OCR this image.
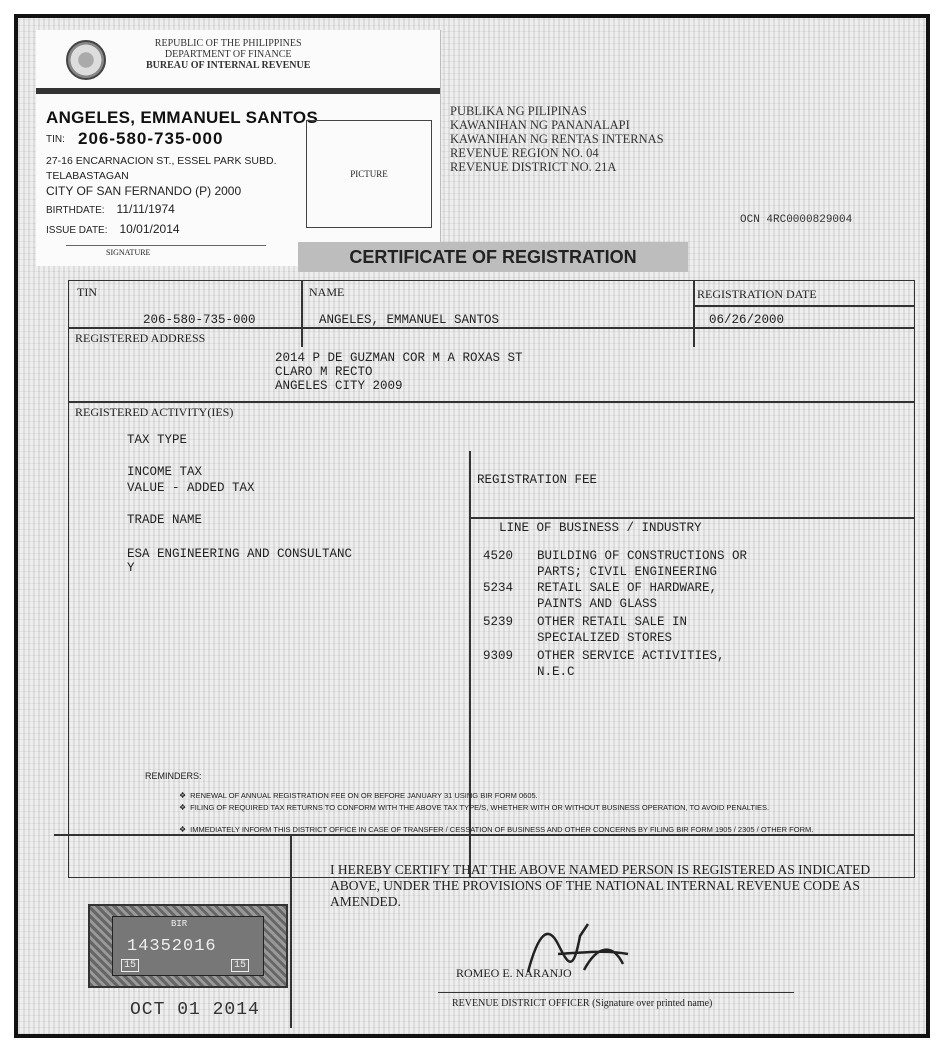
REPUBLIC OF THE PHILIPPINES
DEPARTMENT OF FINANCE
BUREAU OF INTERNAL REVENUE
ANGELES, EMMANUEL SANTOS
TIN: 206-580-735-000
27-16 ENCARNACION ST., ESSEL PARK SUBD.
TELABASTAGAN
CITY OF SAN FERNANDO (P) 2000
BIRTHDATE: 11/11/1974
ISSUE DATE: 10/01/2014
PICTURE
SIGNATURE
PUBLIKA NG PILIPINAS
KAWANIHAN NG PANANALAPI
KAWANIHAN NG RENTAS INTERNAS
REVENUE REGION NO. 04
REVENUE DISTRICT NO. 21A
OCN 4RC0000829004
CERTIFICATE OF REGISTRATION
TIN
206-580-735-000
NAME
ANGELES, EMMANUEL SANTOS
REGISTRATION DATE
06/26/2000
REGISTERED ADDRESS
2014 P DE GUZMAN COR M A ROXAS ST
CLARO M RECTO
ANGELES CITY 2009
REGISTERED ACTIVITY(IES)
TAX TYPE
INCOME TAX
VALUE - ADDED TAX
REGISTRATION FEE
TRADE NAME
ESA ENGINEERING AND CONSULTANC
Y
LINE OF BUSINESS / INDUSTRY
4520 BUILDING OF CONSTRUCTIONS OR
PARTS; CIVIL ENGINEERING
5234 RETAIL SALE OF HARDWARE,
PAINTS AND GLASS
5239 OTHER RETAIL SALE IN
SPECIALIZED STORES
9309 OTHER SERVICE ACTIVITIES,
N.E.C
REMINDERS:
❖ RENEWAL OF ANNUAL REGISTRATION FEE ON OR BEFORE JANUARY 31 USING BIR FORM 0605.
❖ FILING OF REQUIRED TAX RETURNS TO CONFORM WITH THE ABOVE TAX TYPE/S, WHETHER WITH OR WITHOUT BUSINESS OPERATION, TO AVOID PENALTIES.
❖ IMMEDIATELY INFORM THIS DISTRICT OFFICE IN CASE OF TRANSFER / CESSATION OF BUSINESS AND OTHER CONCERNS BY FILING BIR FORM 1905 / 2305 / OTHER FORM.
I HEREBY CERTIFY THAT THE ABOVE NAMED PERSON IS REGISTERED AS INDICATED ABOVE, UNDER THE PROVISIONS OF THE NATIONAL INTERNAL REVENUE CODE AS AMENDED.
BIR
14352016
15	15
OCT 01 2014
ROMEO E. NARANJO
REVENUE DISTRICT OFFICER (Signature over printed name)
